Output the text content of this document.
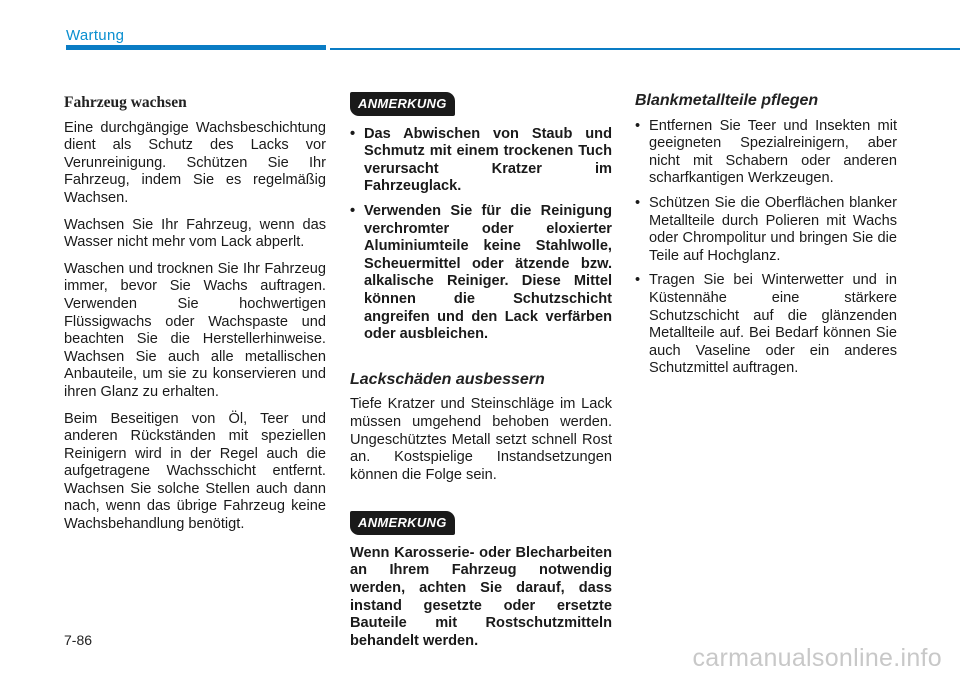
Wartung
Fahrzeug wachsen

Eine durchgängige Wachsbeschichtung dient als Schutz des Lacks vor Verunreinigung. Schützen Sie Ihr Fahrzeug, indem Sie es regelmäßig Wachsen.

Wachsen Sie Ihr Fahrzeug, wenn das Wasser nicht mehr vom Lack abperlt.

Waschen und trocknen Sie Ihr Fahrzeug immer, bevor Sie Wachs auftragen. Verwenden Sie hochwertigen Flüssigwachs oder Wachspaste und beachten Sie die Herstellerhinweise. Wachsen Sie auch alle metallischen Anbauteile, um sie zu konservieren und ihren Glanz zu erhalten.

Beim Beseitigen von Öl, Teer und anderen Rückständen mit speziellen Reinigern wird in der Regel auch die aufgetragene Wachsschicht entfernt. Wachsen Sie solche Stellen auch dann nach, wenn das übrige Fahrzeug keine Wachsbehandlung benötigt.

ANMERKUNG
• Das Abwischen von Staub und Schmutz mit einem trockenen Tuch verursacht Kratzer im Fahrzeuglack.
• Verwenden Sie für die Reinigung verchromter oder eloxierter Aluminiumteile keine Stahlwolle, Scheuermittel oder ätzende bzw. alkalische Reiniger. Diese Mittel können die Schutzschicht angreifen und den Lack verfärben oder ausbleichen.
Lackschäden ausbessern

Tiefe Kratzer und Steinschläge im Lack müssen umgehend behoben werden. Ungeschütztes Metall setzt schnell Rost an. Kostspielige Instandsetzungen können die Folge sein.

ANMERKUNG

Wenn Karosserie- oder Blecharbeiten an Ihrem Fahrzeug notwendig werden, achten Sie darauf, dass instand gesetzte oder ersetzte Bauteile mit Rostschutzmitteln behandelt werden.

Blankmetallteile pflegen
• Entfernen Sie Teer und Insekten mit geeigneten Spezialreinigern, aber nicht mit Schabern oder anderen scharfkantigen Werkzeugen.
• Schützen Sie die Oberflächen blanker Metallteile durch Polieren mit Wachs oder Chrompolitur und bringen Sie die Teile auf Hochglanz.
• Tragen Sie bei Winterwetter und in Küstennähe eine stärkere Schutzschicht auf die glänzenden Metallteile auf. Bei Bedarf können Sie auch Vaseline oder ein anderes Schutzmittel auftragen.
7-86
carmanualsonline.info
